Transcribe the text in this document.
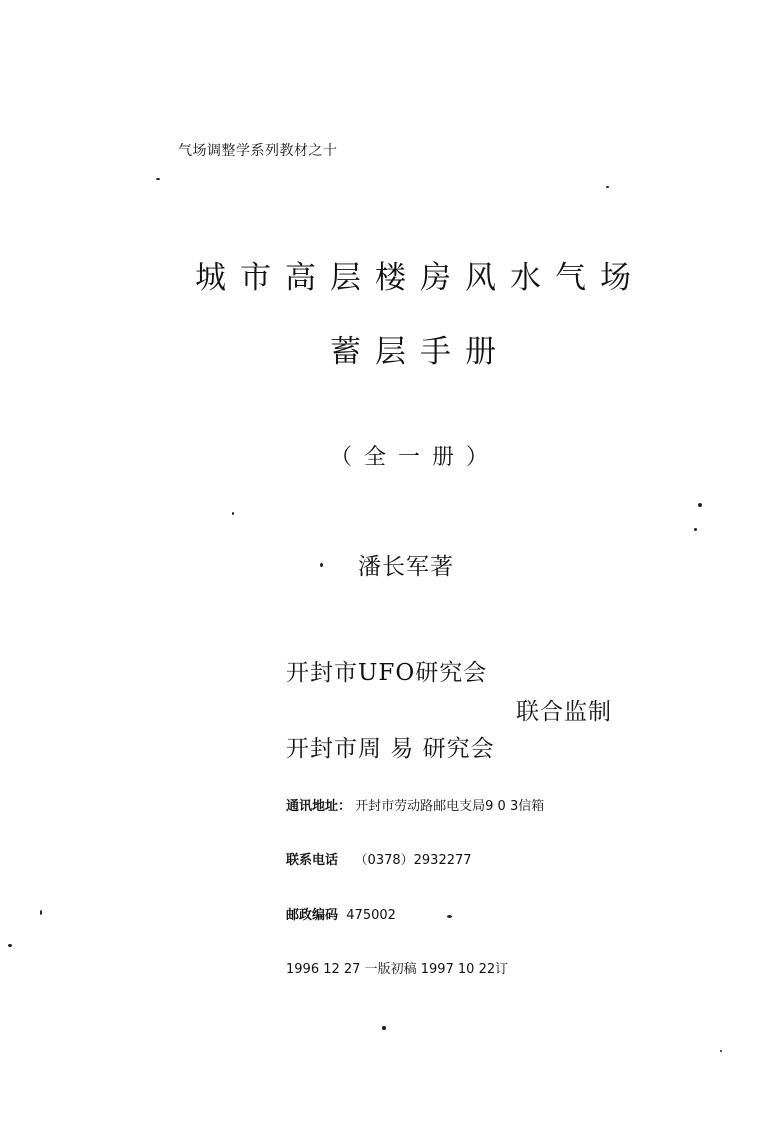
气场调整学系列教材之十
城市高层楼房风水气场
蓄层手册
（全一册）
潘长军著
开封市UFO研究会
联合监制
开封市周 易 研究会
通讯地址： 开封市劳动路邮电支局9 0 3信箱
联系电话 （0378）2932277
邮政编码 475002
1996 12 27 一版初稿 1997 10 22订
